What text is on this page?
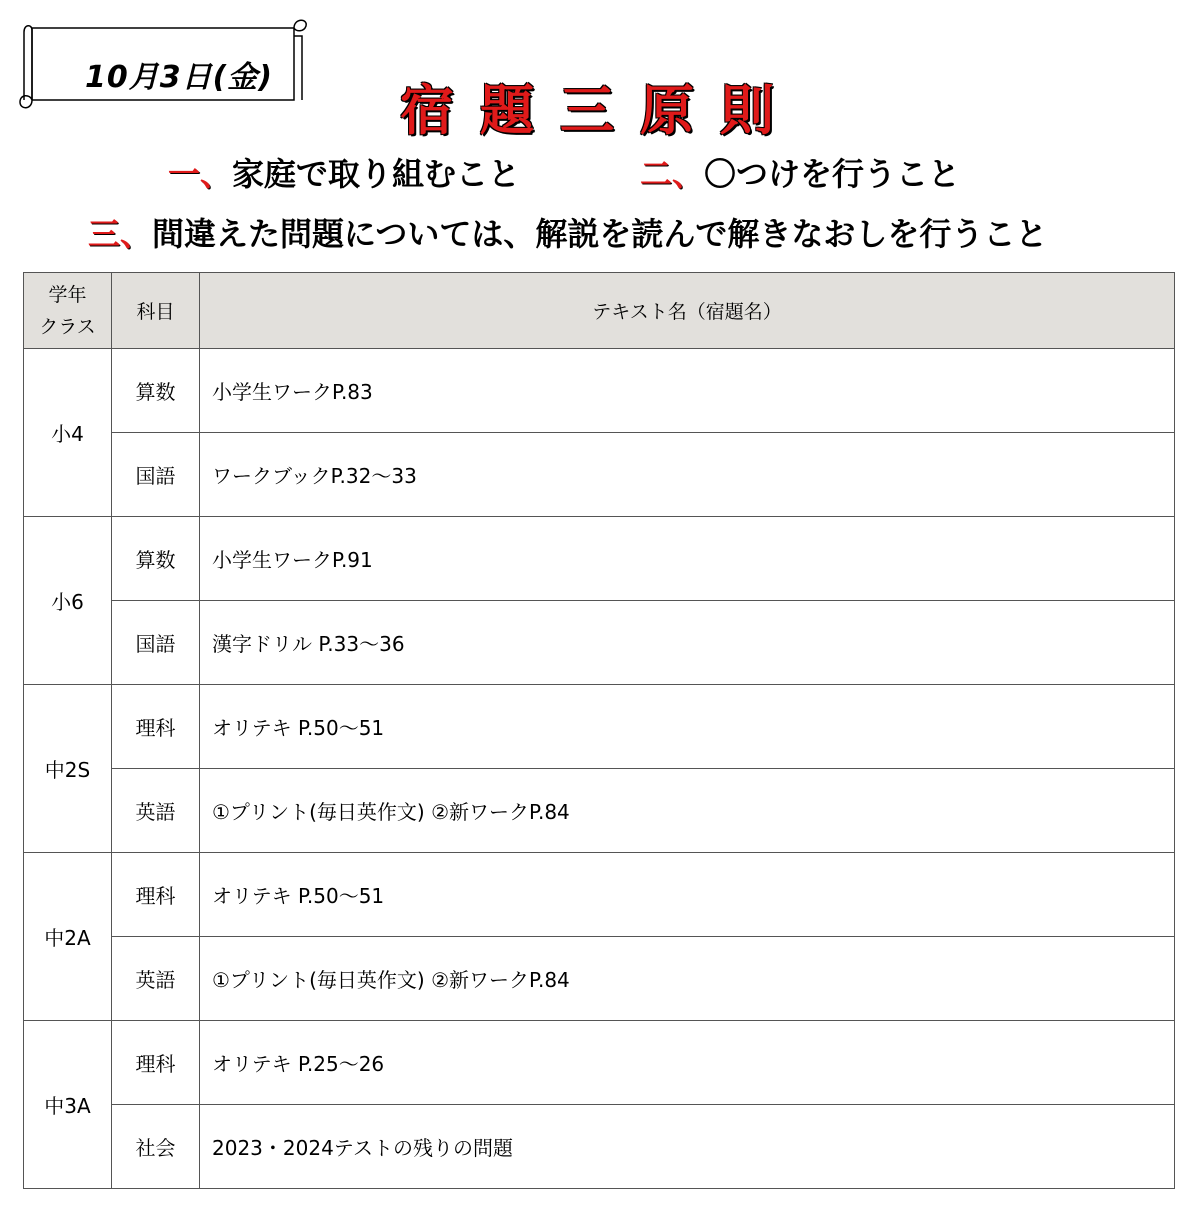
10月3日(金)
宿題三原則
一、家庭で取り組むこと	二、〇つけを行うこと
三、間違えた問題については、解説を読んで解きなおしを行うこと
学年
クラス	科目	テキスト名（宿題名）
小4	算数	小学生ワークP.83
	国語	ワークブックP.32～33
小6	算数	小学生ワークP.91
	国語	漢字ドリル P.33～36
中2S	理科	オリテキ P.50～51
	英語	①プリント(毎日英作文) ②新ワークP.84
中2A	理科	オリテキ P.50～51
	英語	①プリント(毎日英作文) ②新ワークP.84
中3A	理科	オリテキ P.25～26
	社会	2023・2024テストの残りの問題
